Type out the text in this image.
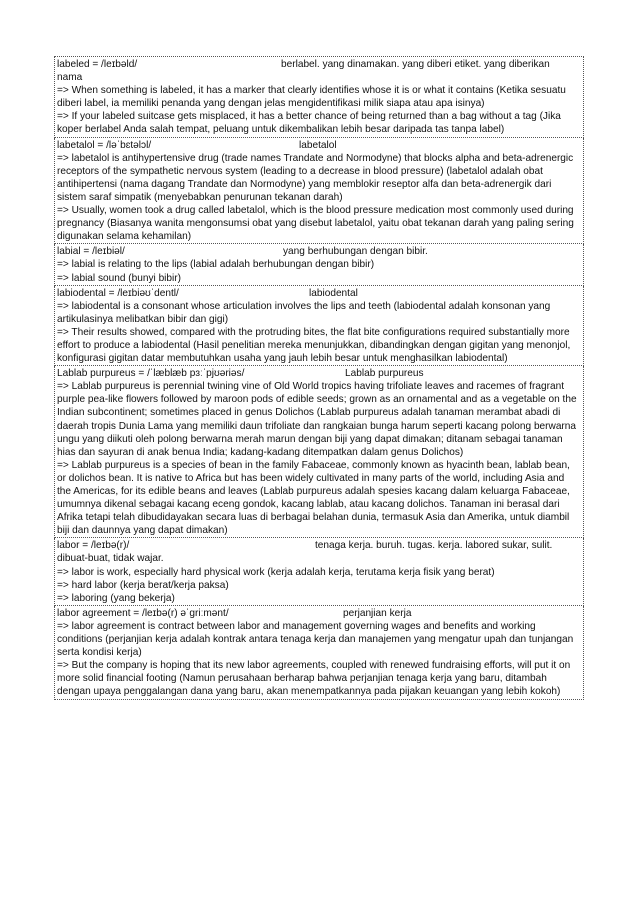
labeled = /leɪbəld/	berlabel. yang dinamakan. yang diberi etiket. yang diberikan
nama
=> When something is labeled, it has a marker that clearly identifies whose it is or what it contains (Ketika sesuatu diberi label, ia memiliki penanda yang dengan jelas mengidentifikasi milik siapa atau apa isinya)
=> If your labeled suitcase gets misplaced, it has a better chance of being returned than a bag without a tag (Jika koper berlabel Anda salah tempat, peluang untuk dikembalikan lebih besar daripada tas tanpa label)
labetalol = /ləˈbɛtəlɔl/	labetalol
=> labetalol is antihypertensive drug (trade names Trandate and Normodyne) that blocks alpha and beta-adrenergic receptors of the sympathetic nervous system (leading to a decrease in blood pressure) (labetalol adalah obat antihipertensi (nama dagang Trandate dan Normodyne) yang memblokir reseptor alfa dan beta-adrenergik dari sistem saraf simpatik (menyebabkan penurunan tekanan darah)
=> Usually, women took a drug called labetalol, which is the blood pressure medication most commonly used during pregnancy (Biasanya wanita mengonsumsi obat yang disebut labetalol, yaitu obat tekanan darah yang paling sering digunakan selama kehamilan)
labial = /leɪbiəl/	yang berhubungan dengan bibir.
=> labial is relating to the lips (labial adalah berhubungan dengan bibir)
=> labial sound (bunyi bibir)
labiodental = /leɪbiəʊˈdentl/	labiodental
=> labiodental is a consonant whose articulation involves the lips and teeth (labiodental adalah konsonan yang artikulasinya melibatkan bibir dan gigi)
=> Their results showed, compared with the protruding bites, the flat bite configurations required substantially more effort to produce a labiodental (Hasil penelitian mereka menunjukkan, dibandingkan dengan gigitan yang menonjol, konfigurasi gigitan datar membutuhkan usaha yang jauh lebih besar untuk menghasilkan labiodental)
Lablab purpureus = /ˈlæblæb pɜːˈpjʊəriəs/	Lablab purpureus
=> Lablab purpureus is perennial twining vine of Old World tropics having trifoliate leaves and racemes of fragrant purple pea-like flowers followed by maroon pods of edible seeds; grown as an ornamental and as a vegetable on the Indian subcontinent; sometimes placed in genus Dolichos (Lablab purpureus adalah tanaman merambat abadi di daerah tropis Dunia Lama yang memiliki daun trifoliate dan rangkaian bunga harum seperti kacang polong berwarna ungu yang diikuti oleh polong berwarna merah marun dengan biji yang dapat dimakan; ditanam sebagai tanaman hias dan sayuran di anak benua India; kadang-kadang ditempatkan dalam genus Dolichos)
=> Lablab purpureus is a species of bean in the family Fabaceae, commonly known as hyacinth bean, lablab bean, or dolichos bean. It is native to Africa but has been widely cultivated in many parts of the world, including Asia and the Americas, for its edible beans and leaves (Lablab purpureus adalah spesies kacang dalam keluarga Fabaceae, umumnya dikenal sebagai kacang eceng gondok, kacang lablab, atau kacang dolichos. Tanaman ini berasal dari Afrika tetapi telah dibudidayakan secara luas di berbagai belahan dunia, termasuk Asia dan Amerika, untuk diambil biji dan daunnya yang dapat dimakan)
labor = /leɪbə(r)/	tenaga kerja. buruh. tugas. kerja. labored sukar, sulit.
dibuat-buat, tidak wajar.
=> labor is work, especially hard physical work (kerja adalah kerja, terutama kerja fisik yang berat)
=> hard labor (kerja berat/kerja paksa)
=> laboring (yang bekerja)
labor agreement = /leɪbə(r) əˈɡriːmənt/	perjanjian kerja
=> labor agreement is contract between labor and management governing wages and benefits and working conditions (perjanjian kerja adalah kontrak antara tenaga kerja dan manajemen yang mengatur upah dan tunjangan serta kondisi kerja)
=> But the company is hoping that its new labor agreements, coupled with renewed fundraising efforts, will put it on more solid financial footing (Namun perusahaan berharap bahwa perjanjian tenaga kerja yang baru, ditambah dengan upaya penggalangan dana yang baru, akan menempatkannya pada pijakan keuangan yang lebih kokoh)
